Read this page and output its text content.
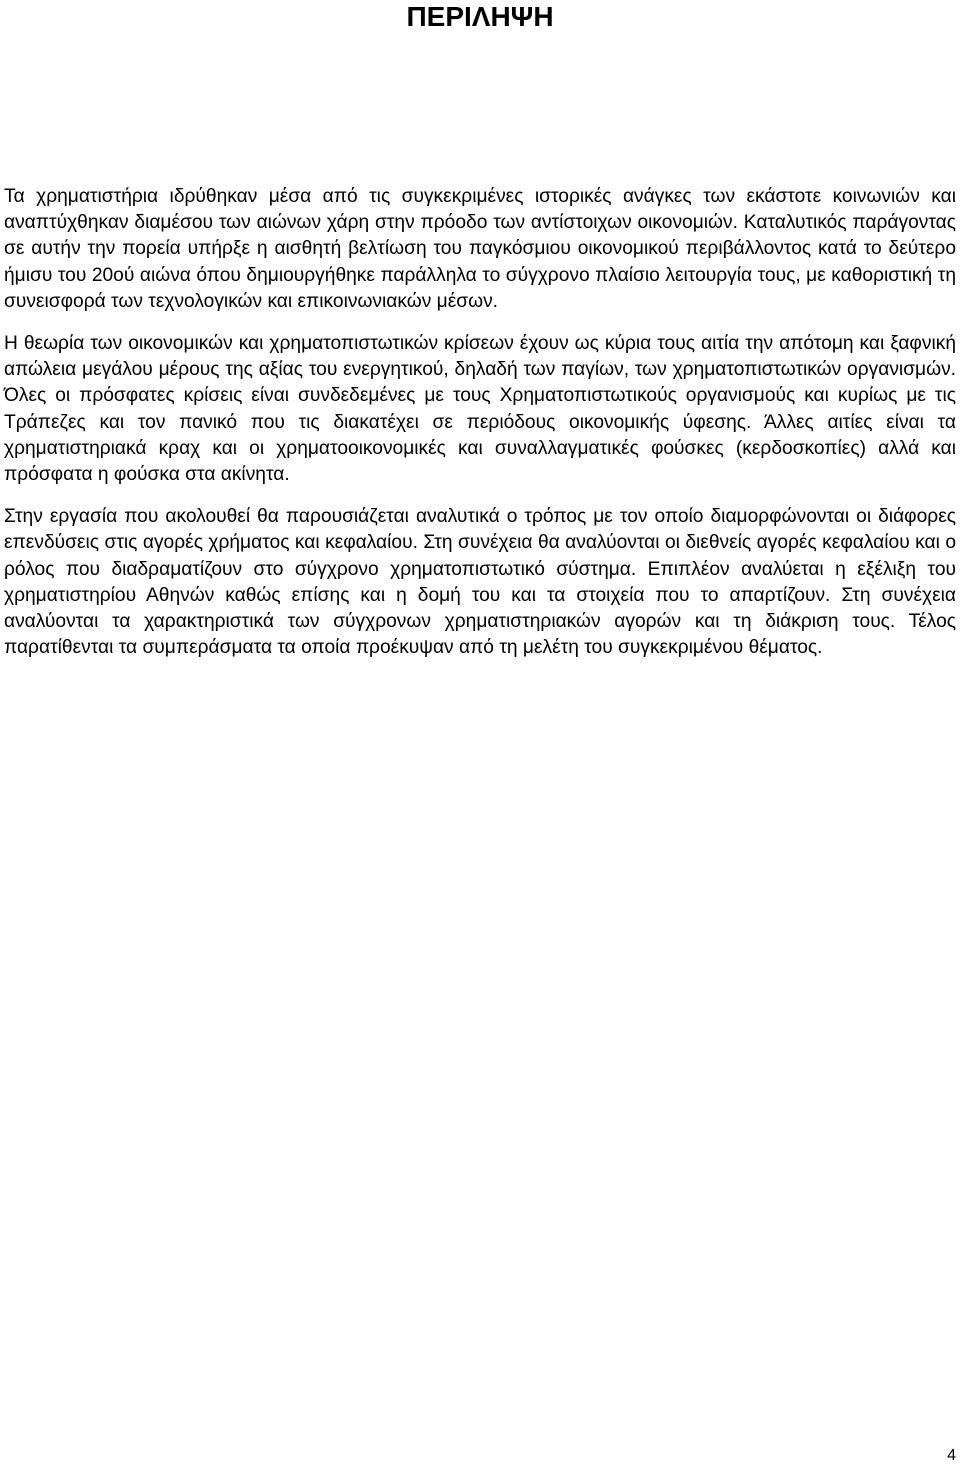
ΠΕΡΙΛΗΨΗ

Τα χρηματιστήρια ιδρύθηκαν μέσα από τις συγκεκριμένες ιστορικές ανάγκες των εκάστοτε κοινωνιών και αναπτύχθηκαν διαμέσου των αιώνων χάρη στην πρόοδο των αντίστοιχων οικονομιών. Καταλυτικός παράγοντας σε αυτήν την πορεία υπήρξε η αισθητή βελτίωση του παγκόσμιου οικονομικού περιβάλλοντος κατά το δεύτερο ήμισυ του 20ού αιώνα όπου δημιουργήθηκε παράλληλα το σύγχρονο πλαίσιο λειτουργία τους, με καθοριστική τη συνεισφορά των τεχνολογικών και επικοινωνιακών μέσων.

Η θεωρία των οικονομικών και χρηματοπιστωτικών κρίσεων έχουν ως κύρια τους αιτία την απότομη και ξαφνική απώλεια μεγάλου μέρους της αξίας του ενεργητικού, δηλαδή των παγίων, των χρηματοπιστωτικών οργανισμών. Όλες οι πρόσφατες κρίσεις είναι συνδεδεμένες με τους Χρηματοπιστωτικούς οργανισμούς και κυρίως με τις Τράπεζες και τον πανικό που τις διακατέχει σε περιόδους οικονομικής ύφεσης. Άλλες αιτίες είναι τα χρηματιστηριακά κραχ και οι χρηματοοικονομικές και συναλλαγματικές φούσκες (κερδοσκοπίες) αλλά και πρόσφατα η φούσκα στα ακίνητα.

Στην εργασία που ακολουθεί θα παρουσιάζεται αναλυτικά ο τρόπος με τον οποίο διαμορφώνονται οι διάφορες επενδύσεις στις αγορές χρήματος και κεφαλαίου. Στη συνέχεια θα αναλύονται οι διεθνείς αγορές κεφαλαίου και ο ρόλος που διαδραματίζουν στο σύγχρονο χρηματοπιστωτικό σύστημα. Επιπλέον αναλύεται η εξέλιξη του χρηματιστηρίου Αθηνών καθώς επίσης και η δομή του και τα στοιχεία που το απαρτίζουν. Στη συνέχεια αναλύονται τα χαρακτηριστικά των σύγχρονων χρηματιστηριακών αγορών και τη διάκριση τους. Τέλος παρατίθενται τα συμπεράσματα τα οποία προέκυψαν από τη μελέτη του συγκεκριμένου θέματος.

4
